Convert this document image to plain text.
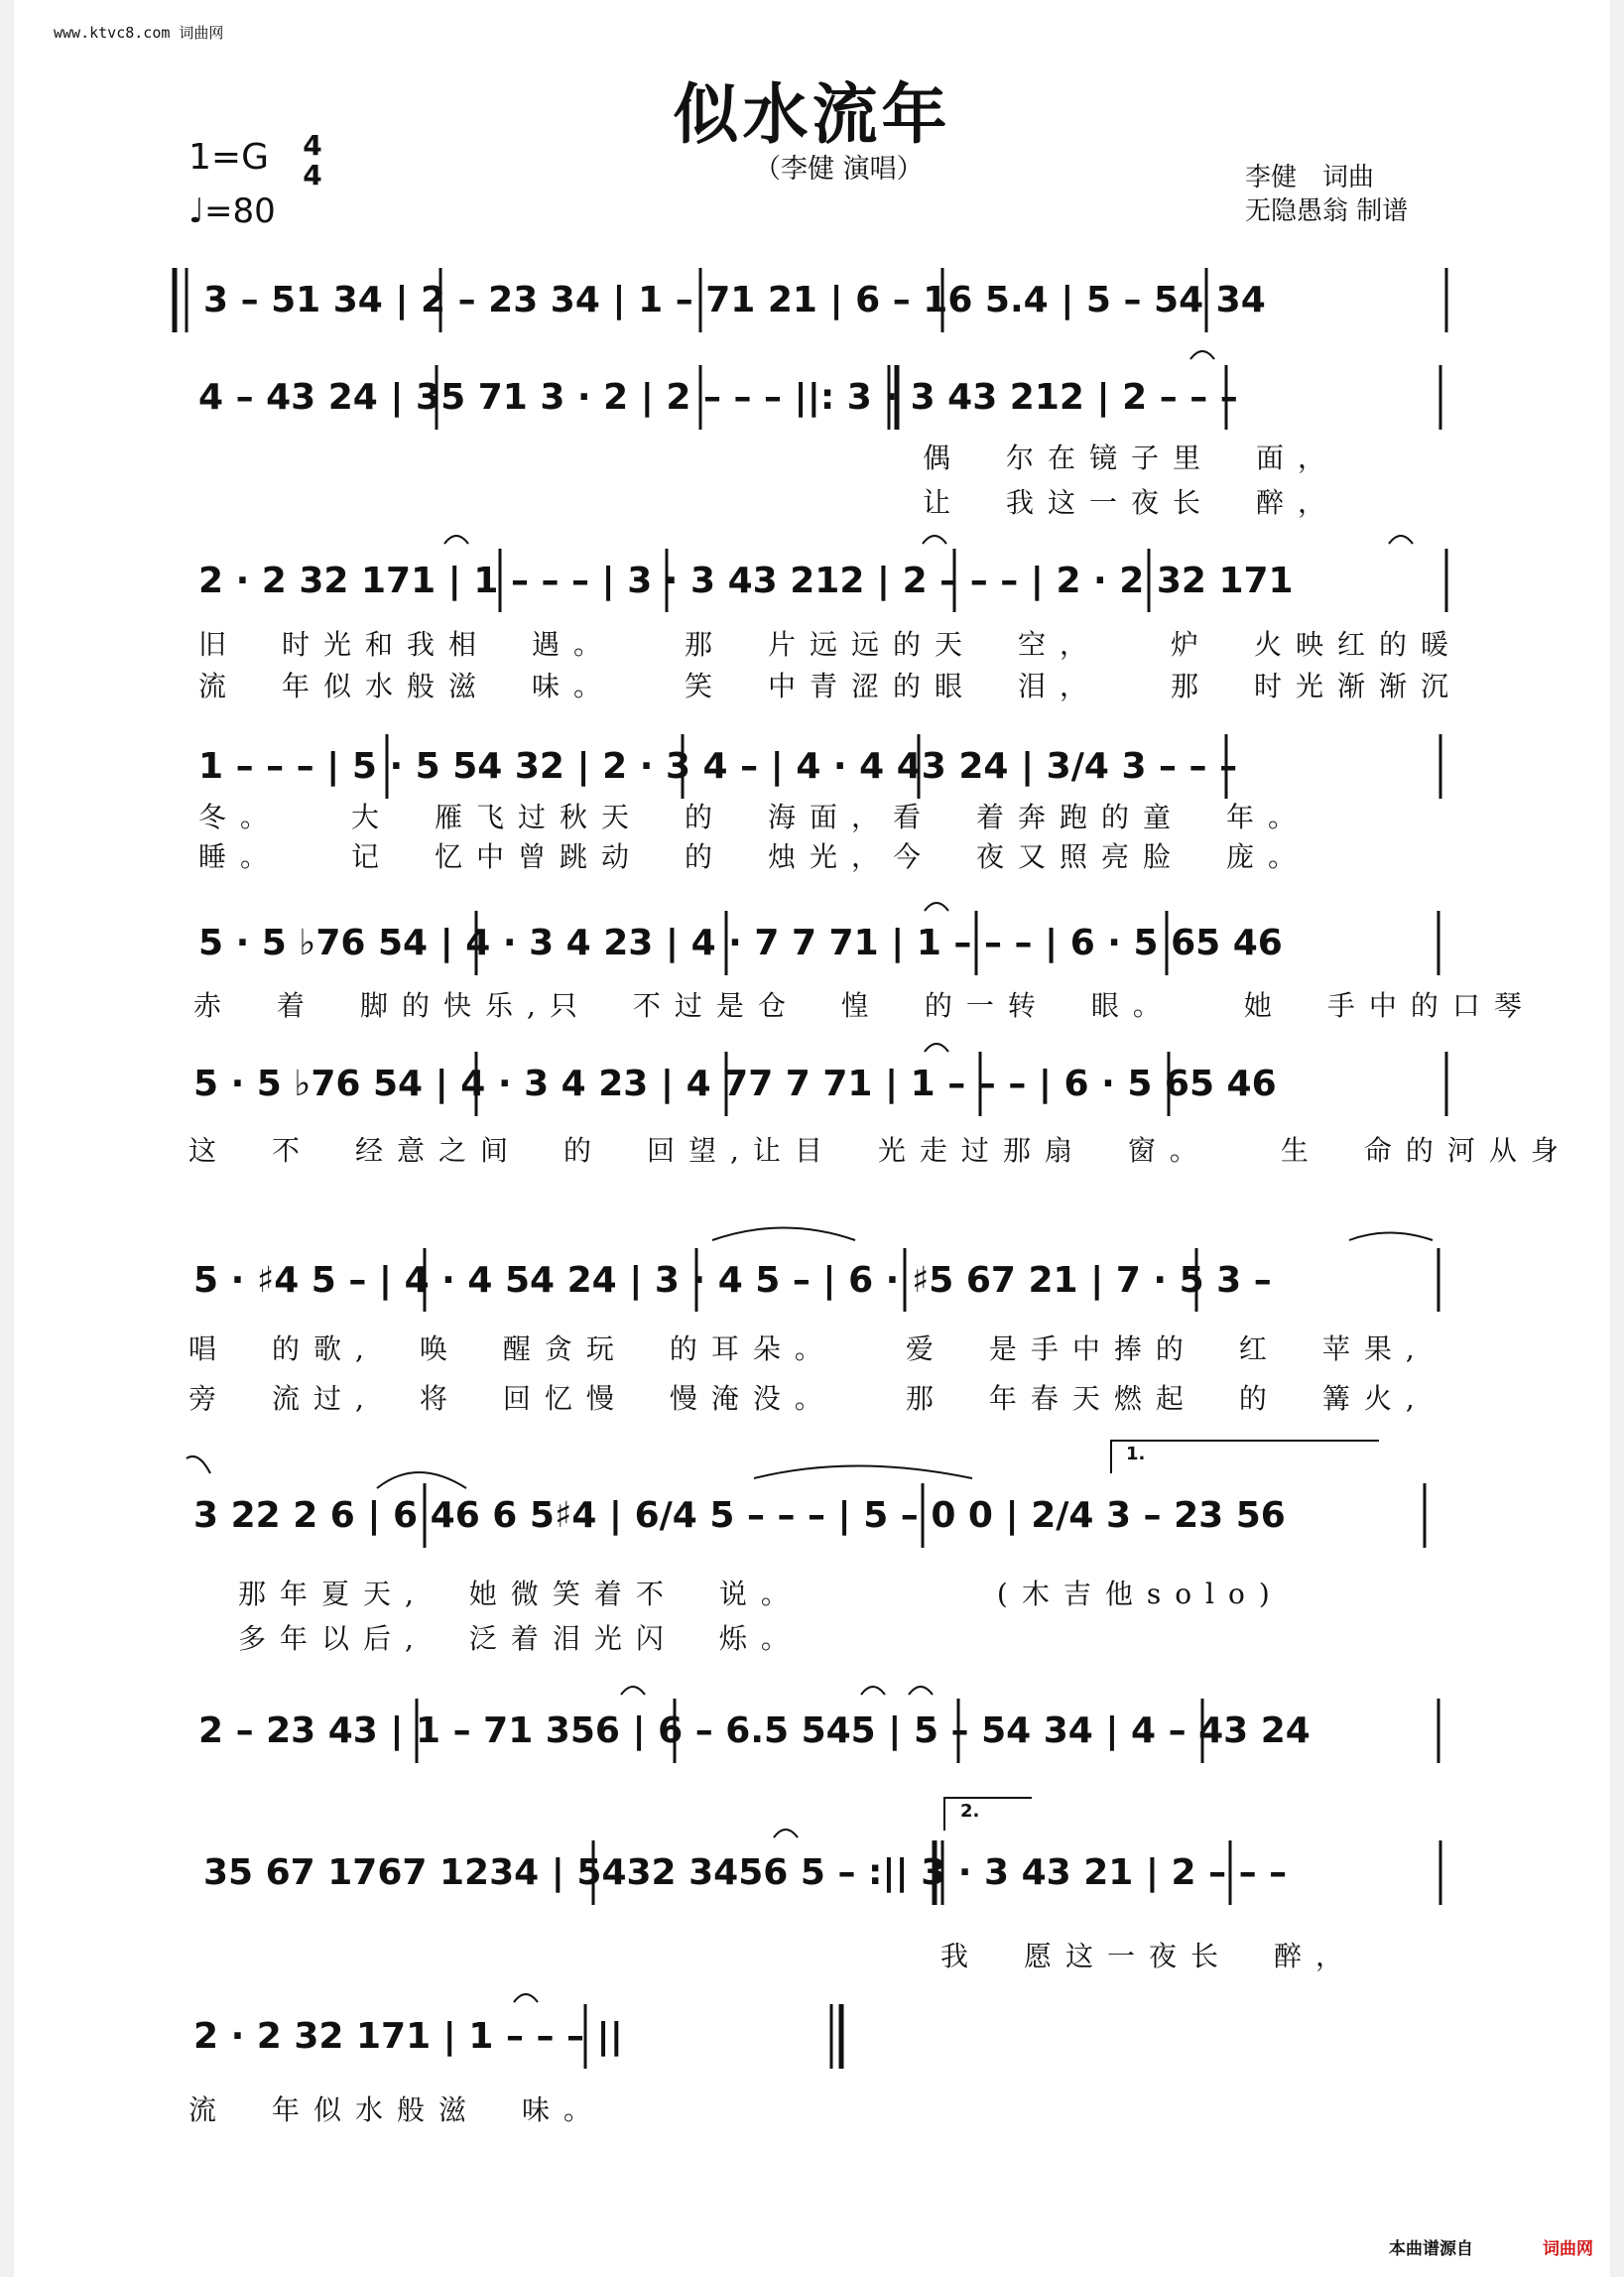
www.ktvc8.com 词曲网
似水流年
（李健 演唱）
1=G 4
4
♩=80
李健　词曲
无隐愚翁 制谱
3 – 51 34 | 2 – 23 34 | 1 – 71 21 | 6 – 16 5.4 | 5 – 54 34
4 – 43 24 | 35 71 3 · 2 | 2 – – – ||: 3 · 3 43 212 | 2 – – –
偶　尔在镜子里　面，
让　我这一夜长　醉，
2 · 2 32 171 | 1 – – – | 3 · 3 43 212 | 2 – – – | 2 · 2 32 171
旧　时光和我相　遇。　　那　片远远的天　空，　　炉　火映红的暖
流　年似水般滋　味。　　笑　中青涩的眼　泪，　　那　时光渐渐沉
1 – – – | 5 · 5 54 32 | 2 · 3 4 – | 4 · 4 43 24 | 3/4 3 – – –
冬。　　大　雁飞过秋天　的　海面，看　着奔跑的童　年。
睡。　　记　忆中曾跳动　的　烛光，今　夜又照亮脸　庞。
5 · 5 ♭76 54 | 4 · 3 4 23 | 4 · 7 7 71 | 1 – – – | 6 · 5 65 46
赤　着　脚的快乐,只　不过是仓　惶　的一转　眼。　　她　手中的口琴
5 · 5 ♭76 54 | 4 · 3 4 23 | 4 77 7 71 | 1 – – – | 6 · 5 65 46
这　不　经意之间　的　回望,让目　光走过那扇　窗。　　生　命的河从身
5 · ♯4 5 – | 4 · 4 54 24 | 3 · 4 5 – | 6 · ♯5 67 21 | 7 · 5 3 –
唱　的歌,　唤　醒贪玩　的耳朵。　　爱　是手中捧的　红　苹果,
旁　流过,　将　回忆慢　慢淹没。　　那　年春天燃起　的　篝火,
1.
3 22 2 6 | 6 46 6 5♯4 | 6/4 5 – – – | 5 – 0 0 | 2/4 3 – 23 56
那年夏天,　她微笑着不　说。　　　　　(木吉他solo)
多年以后,　泛着泪光闪　烁。
2 – 23 43 | 1 – 71 356 | 6 – 6.5 545 | 5 – 54 34 | 4 – 43 24
2.
35 67 1767 1234 | 5432 3456 5 – :|| 3 · 3 43 21 | 2 – – –
我　愿这一夜长　醉，
2 · 2 32 171 | 1 – – – ||
流　年似水般滋　味。
本曲谱源自	词曲网
